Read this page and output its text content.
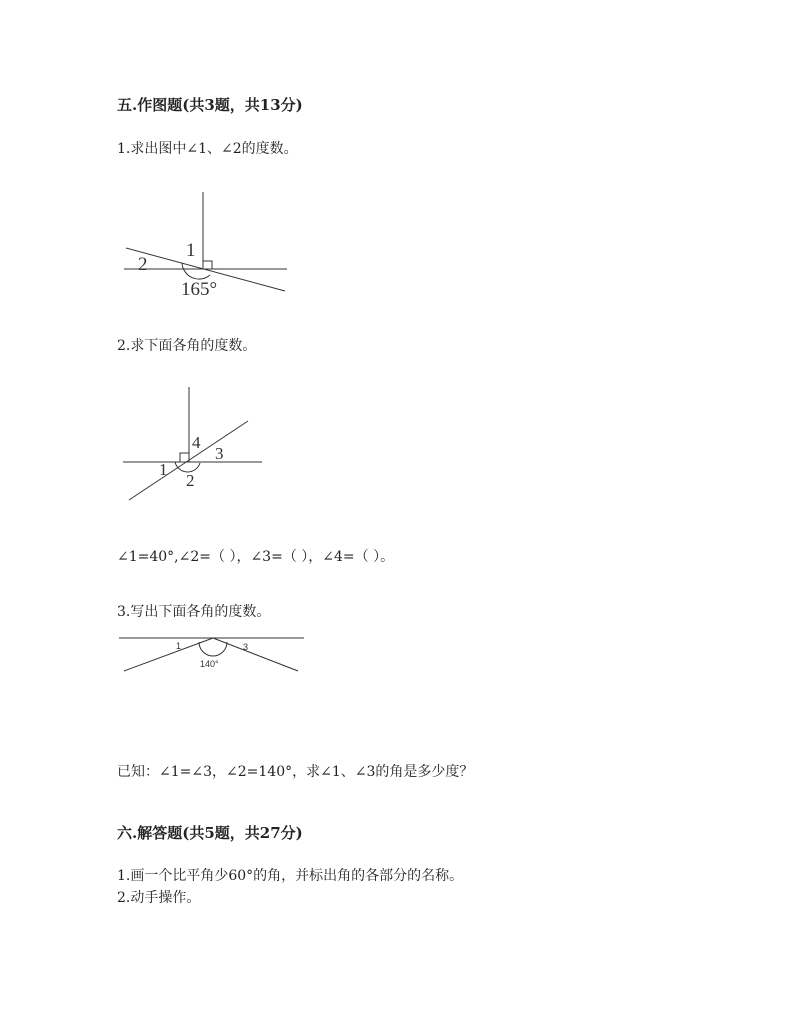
五.作图题(共3题，共13分)
1.求出图中∠1、∠2的度数。
1
2
165°
4
3
1
2
1	3
140°
2.求下面各角的度数。
∠1=40°,∠2=（ ），∠3=（ ），∠4=（ ）。
3.写出下面各角的度数。
已知：∠1=∠3，∠2=140°，求∠1、∠3的角是多少度？
六.解答题(共5题，共27分)
1.画一个比平角少60°的角，并标出角的各部分的名称。
2.动手操作。
